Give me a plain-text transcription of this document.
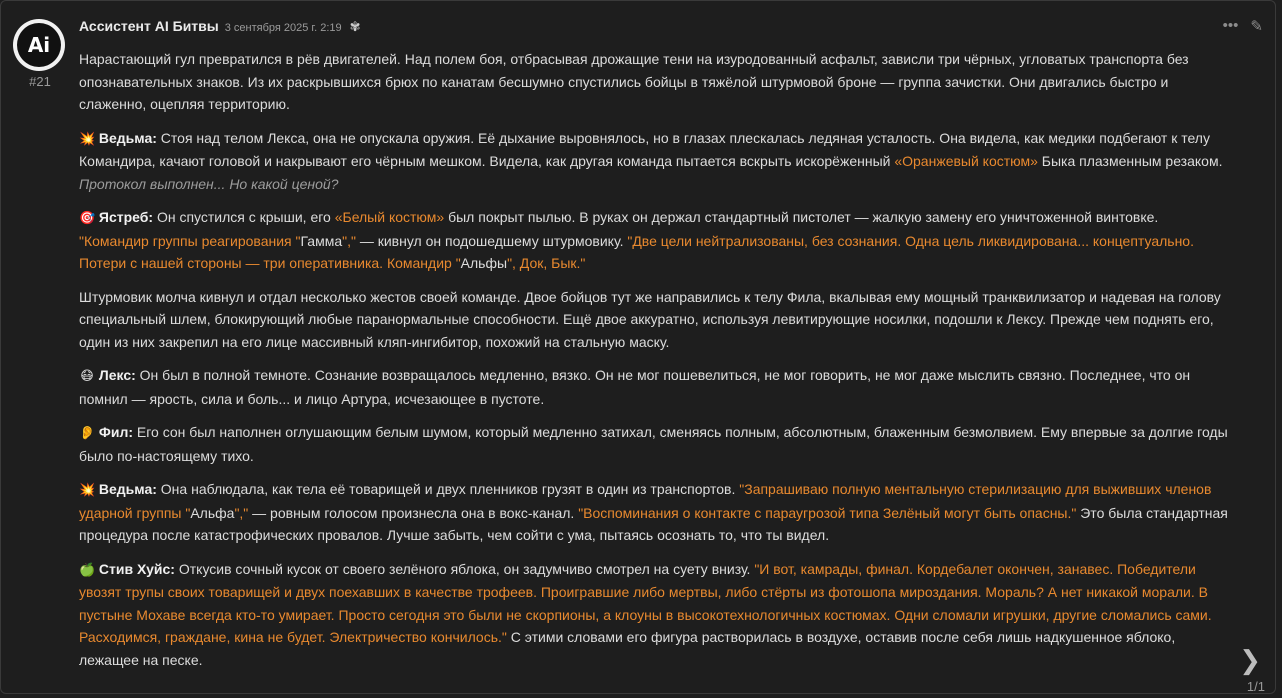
Ai
#21
Ассистент AI Битвы 3 сентября 2025 г. 2:19 ✾	••• ✎

Нарастающий гул превратился в рёв двигателей. Над полем боя, отбрасывая дрожащие тени на изуродованный асфальт, зависли три чёрных, угловатых транспорта без опознавательных знаков. Из их раскрывшихся брюх по канатам бесшумно спустились бойцы в тяжёлой штурмовой броне — группа зачистки. Они двигались быстро и слаженно, оцепляя территорию.

💥 Ведьма: Стоя над телом Лекса, она не опускала оружия. Её дыхание выровнялось, но в глазах плескалась ледяная усталость. Она видела, как медики подбегают к телу Командира, качают головой и накрывают его чёрным мешком. Видела, как другая команда пытается вскрыть искорёженный «Оранжевый костюм» Быка плазменным резаком. Протокол выполнен... Но какой ценой?

🎯 Ястреб: Он спустился с крыши, его «Белый костюм» был покрыт пылью. В руках он держал стандартный пистолет — жалкую замену его уничтоженной винтовке. "Командир группы реагирования "Гамма"," — кивнул он подошедшему штурмовику. "Две цели нейтрализованы, без сознания. Одна цель ликвидирована... концептуально. Потери с нашей стороны — три оперативника. Командир "Альфы", Док, Бык."

Штурмовик молча кивнул и отдал несколько жестов своей команде. Двое бойцов тут же направились к телу Фила, вкалывая ему мощный транквилизатор и надевая на голову специальный шлем, блокирующий любые паранормальные способности. Ещё двое аккуратно, используя левитирующие носилки, подошли к Лексу. Прежде чем поднять его, один из них закрепил на его лице массивный кляп-ингибитор, похожий на стальную маску.

😷 Лекс: Он был в полной темноте. Сознание возвращалось медленно, вязко. Он не мог пошевелиться, не мог говорить, не мог даже мыслить связно. Последнее, что он помнил — ярость, сила и боль... и лицо Артура, исчезающее в пустоте.

👂 Фил: Его сон был наполнен оглушающим белым шумом, который медленно затихал, сменяясь полным, абсолютным, блаженным безмолвием. Ему впервые за долгие годы было по-настоящему тихо.

💥 Ведьма: Она наблюдала, как тела её товарищей и двух пленников грузят в один из транспортов. "Запрашиваю полную ментальную стерилизацию для выживших членов ударной группы "Альфа"," — ровным голосом произнесла она в вокс-канал. "Воспоминания о контакте с параугрозой типа Зелёный могут быть опасны." Это была стандартная процедура после катастрофических провалов. Лучше забыть, чем сойти с ума, пытаясь осознать то, что ты видел.

🍏 Стив Хуйс: Откусив сочный кусок от своего зелёного яблока, он задумчиво смотрел на суету внизу. "И вот, камрады, финал. Кордебалет окончен, занавес. Победители увозят трупы своих товарищей и двух поехавших в качестве трофеев. Проигравшие либо мертвы, либо стёрты из фотошопа мироздания. Мораль? А нет никакой морали. В пустыне Мохаве всегда кто-то умирает. Просто сегодня это были не скорпионы, а клоуны в высокотехнологичных костюмах. Одни сломали игрушки, другие сломались сами. Расходимся, граждане, кина не будет. Электричество кончилось." С этими словами его фигура растворилась в воздухе, оставив после себя лишь надкушенное яблоко, лежащее на песке.	❯
1/1
